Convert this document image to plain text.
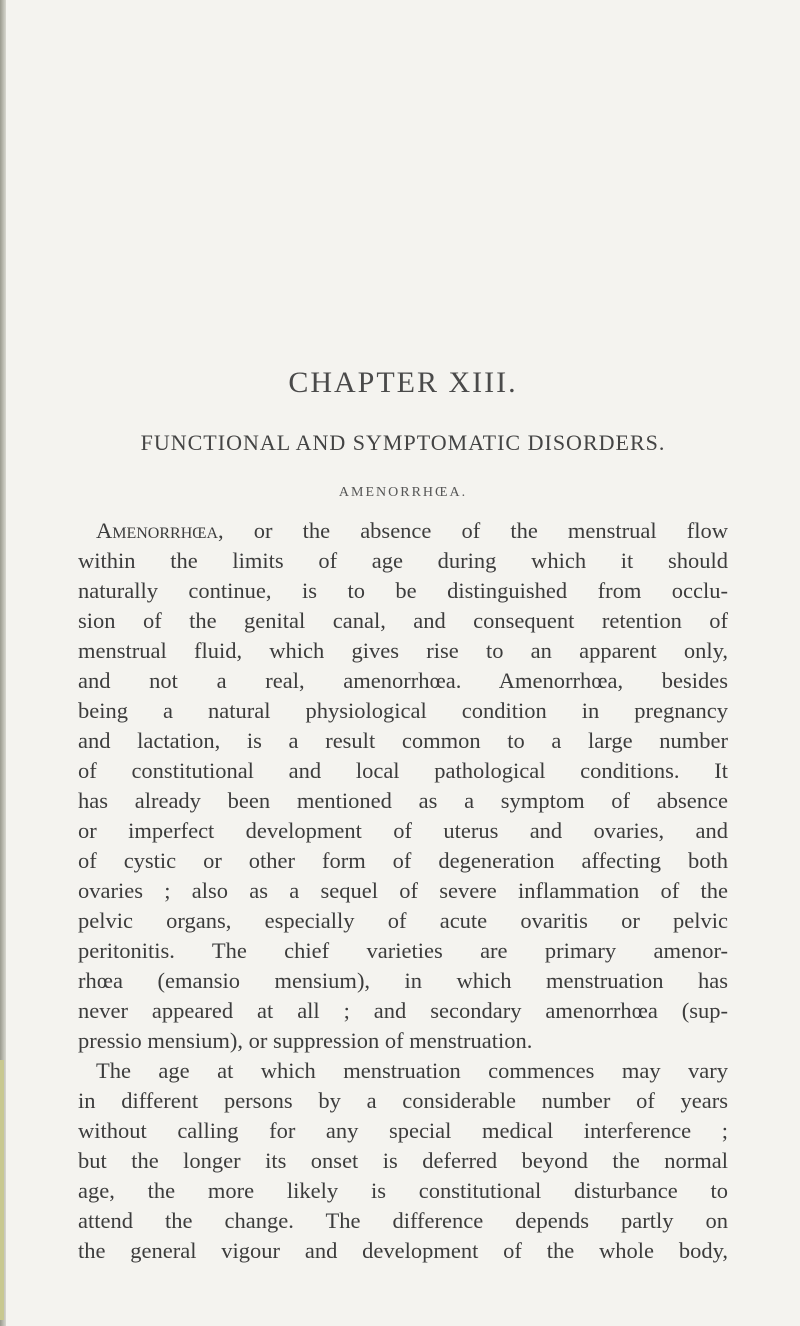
CHAPTER XIII.
FUNCTIONAL AND SYMPTOMATIC DISORDERS.
AMENORRHŒA.
Amenorrhœa, or the absence of the menstrual flow
within the limits of age during which it should
naturally continue, is to be distinguished from occlu-
sion of the genital canal, and consequent retention of
menstrual fluid, which gives rise to an apparent only,
and not a real, amenorrhœa. Amenorrhœa, besides
being a natural physiological condition in pregnancy
and lactation, is a result common to a large number
of constitutional and local pathological conditions. It
has already been mentioned as a symptom of absence
or imperfect development of uterus and ovaries, and
of cystic or other form of degeneration affecting both
ovaries ; also as a sequel of severe inflammation of the
pelvic organs, especially of acute ovaritis or pelvic
peritonitis. The chief varieties are primary amenor-
rhœa (emansio mensium), in which menstruation has
never appeared at all ; and secondary amenorrhœa (sup-
pressio mensium), or suppression of menstruation.
The age at which menstruation commences may vary
in different persons by a considerable number of years
without calling for any special medical interference ;
but the longer its onset is deferred beyond the normal
age, the more likely is constitutional disturbance to
attend the change. The difference depends partly on
the general vigour and development of the whole body,
